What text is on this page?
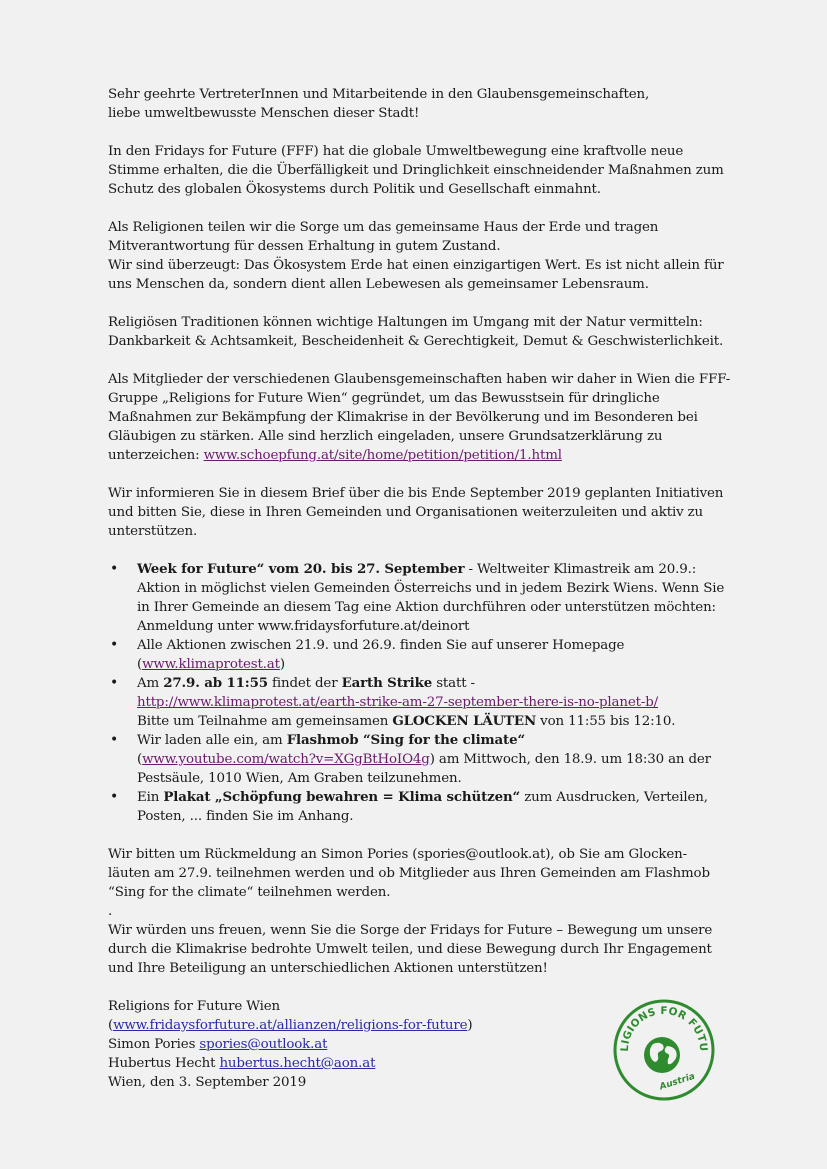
Sehr geehrte VertreterInnen und Mitarbeitende in den Glaubensgemeinschaften,
liebe umweltbewusste Menschen dieser Stadt!

In den Fridays for Future (FFF) hat die globale Umweltbewegung eine kraftvolle neue
Stimme erhalten, die die Überfälligkeit und Dringlichkeit einschneidender Maßnahmen zum
Schutz des globalen Ökosystems durch Politik und Gesellschaft einmahnt.

Als Religionen teilen wir die Sorge um das gemeinsame Haus der Erde und tragen
Mitverantwortung für dessen Erhaltung in gutem Zustand.
Wir sind überzeugt: Das Ökosystem Erde hat einen einzigartigen Wert. Es ist nicht allein für
uns Menschen da, sondern dient allen Lebewesen als gemeinsamer Lebensraum.

Religiösen Traditionen können wichtige Haltungen im Umgang mit der Natur vermitteln:
Dankbarkeit & Achtsamkeit, Bescheidenheit & Gerechtigkeit, Demut & Geschwisterlichkeit.

Als Mitglieder der verschiedenen Glaubensgemeinschaften haben wir daher in Wien die FFF-
Gruppe „Religions for Future Wien“ gegründet, um das Bewusstsein für dringliche
Maßnahmen zur Bekämpfung der Klimakrise in der Bevölkerung und im Besonderen bei
Gläubigen zu stärken. Alle sind herzlich eingeladen, unsere Grundsatzerklärung zu
unterzeichen: www.schoepfung.at/site/home/petition/petition/1.html

Wir informieren Sie in diesem Brief über die bis Ende September 2019 geplanten Initiativen
und bitten Sie, diese in Ihren Gemeinden und Organisationen weiterzuleiten und aktiv zu
unterstützen.

• Week for Future“ vom 20. bis 27. September - Weltweiter Klimastreik am 20.9.:
Aktion in möglichst vielen Gemeinden Österreichs und in jedem Bezirk Wiens. Wenn Sie
in Ihrer Gemeinde an diesem Tag eine Aktion durchführen oder unterstützen möchten:
Anmeldung unter www.fridaysforfuture.at/deinort
• Alle Aktionen zwischen 21.9. und 26.9. finden Sie auf unserer Homepage
(www.klimaprotest.at)
• Am 27.9. ab 11:55 findet der Earth Strike statt -
http://www.klimaprotest.at/earth-strike-am-27-september-there-is-no-planet-b/
Bitte um Teilnahme am gemeinsamen GLOCKEN LÄUTEN von 11:55 bis 12:10.
• Wir laden alle ein, am Flashmob “Sing for the climate“
(www.youtube.com/watch?v=XGgBtHoIO4g) am Mittwoch, den 18.9. um 18:30 an der
Pestsäule, 1010 Wien, Am Graben teilzunehmen.
• Ein Plakat „Schöpfung bewahren = Klima schützen“ zum Ausdrucken, Verteilen,
Posten, ... finden Sie im Anhang.
Wir bitten um Rückmeldung an Simon Pories (spories@outlook.at), ob Sie am Glocken-
läuten am 27.9. teilnehmen werden und ob Mitglieder aus Ihren Gemeinden am Flashmob
“Sing for the climate“ teilnehmen werden.
.

Wir würden uns freuen, wenn Sie die Sorge der Fridays for Future – Bewegung um unsere
durch die Klimakrise bedrohte Umwelt teilen, und diese Bewegung durch Ihr Engagement
und Ihre Beteiligung an unterschiedlichen Aktionen unterstützen!

Religions for Future Wien
(www.fridaysforfuture.at/allianzen/religions-for-future)
Simon Pories spories@outlook.at
Hubertus Hecht hubertus.hecht@aon.at
Wien, den 3. September 2019
LIGIONS FOR FUTU
Austria
